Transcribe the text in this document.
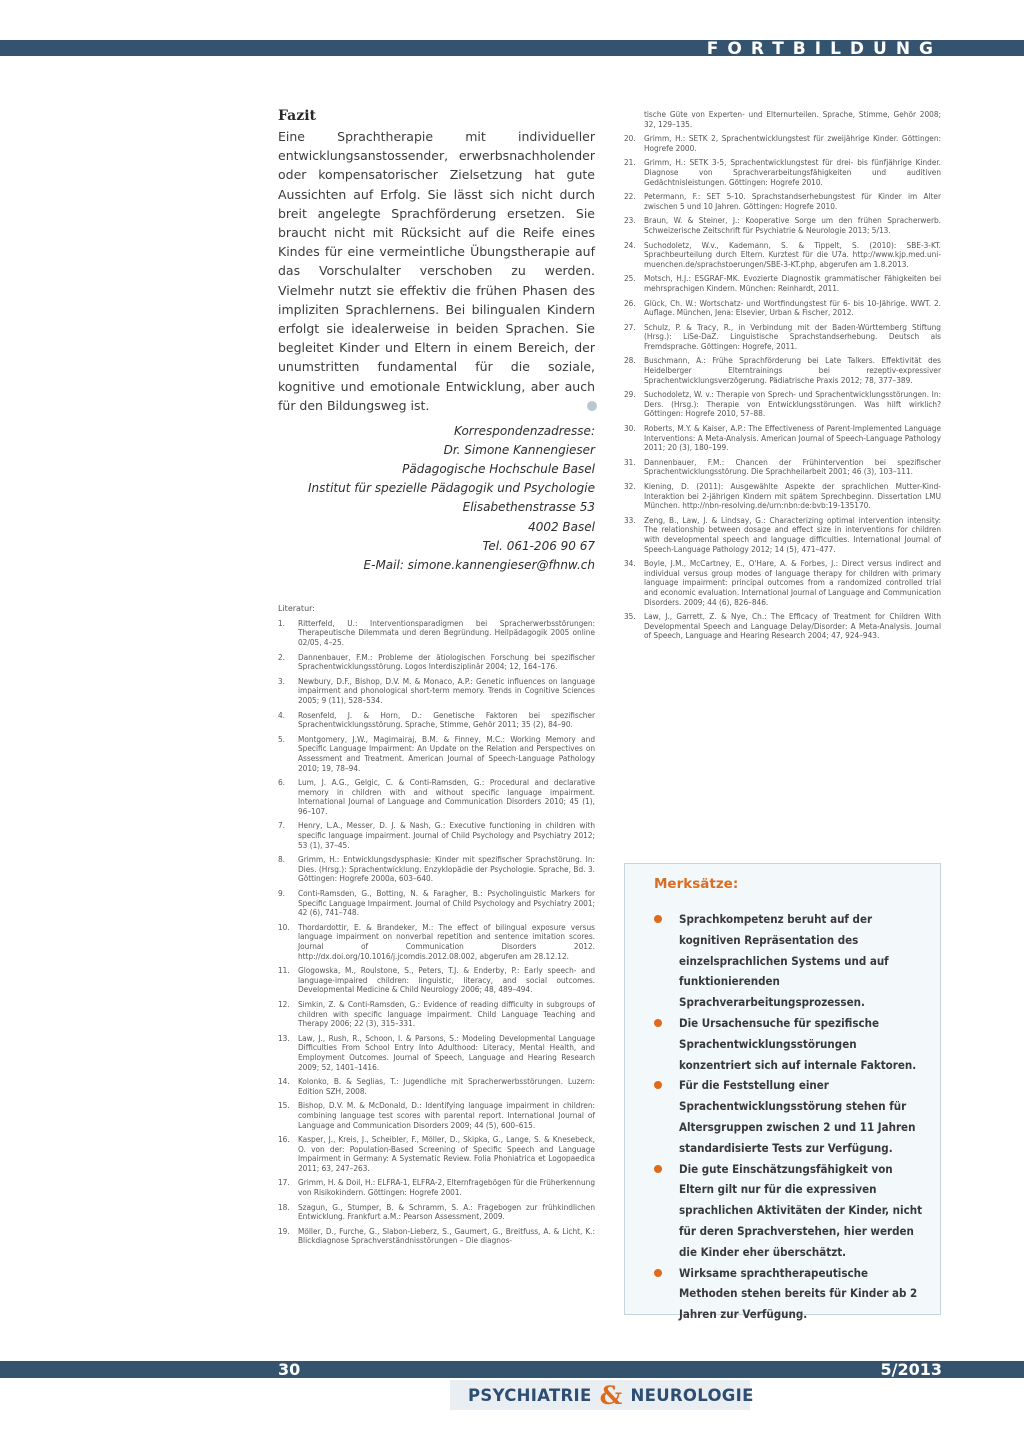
FORTBILDUNG
Fazit

Eine Sprachtherapie mit individueller entwicklungsanstossender, erwerbsnachholender oder kompensatorischer Zielsetzung hat gute Aussichten auf Erfolg. Sie lässt sich nicht durch breit angelegte Sprachförderung ersetzen. Sie braucht nicht mit Rücksicht auf die Reife eines Kindes für eine vermeintliche Übungstherapie auf das Vorschulalter verschoben zu werden. Vielmehr nutzt sie effektiv die frühen Phasen des impliziten Sprachlernens. Bei bilingualen Kindern erfolgt sie idealerweise in beiden Sprachen. Sie begleitet Kinder und Eltern in einem Bereich, der unumstritten fundamental für die soziale, kognitive und emotionale Entwicklung, aber auch für den Bildungsweg ist.

Korrespondenzadresse:
Dr. Simone Kannengieser
Pädagogische Hochschule Basel
Institut für spezielle Pädagogik und Psychologie
Elisabethenstrasse 53
4002 Basel
Tel. 061-206 90 67
E-Mail: simone.kannengieser@fhnw.ch
Literatur:
1.	Ritterfeld, U.: Interventionsparadigmen bei Spracherwerbsstörungen: Therapeutische Dilemmata und deren Begründung. Heilpädagogik 2005 online 02/05, 4–25.
2.	Dannenbauer, F.M.: Probleme der ätiologischen Forschung bei spezifischer Sprachentwicklungsstörung. Logos Interdisziplinär 2004; 12, 164–176.
3.	Newbury, D.F., Bishop, D.V. M. & Monaco, A.P.: Genetic influences on language impairment and phonological short-term memory. Trends in Cognitive Sciences 2005; 9 (11), 528–534.
4.	Rosenfeld, J. & Horn, D.: Genetische Faktoren bei spezifischer Sprachentwicklungsstörung. Sprache, Stimme, Gehör 2011; 35 (2), 84–90.
5.	Montgomery, J.W., Magimairaj, B.M. & Finney, M.C.: Working Memory and Specific Language Impairment: An Update on the Relation and Perspectives on Assessment and Treatment. American Journal of Speech-Language Pathology 2010; 19, 78–94.
6.	Lum, J. A.G., Gelgic, C. & Conti-Ramsden, G.: Procedural and declarative memory in children with and without specific language impairment. International Journal of Language and Communication Disorders 2010; 45 (1), 96–107.
7.	Henry, L.A., Messer, D. J. & Nash, G.: Executive functioning in children with specific language impairment. Journal of Child Psychology and Psychiatry 2012; 53 (1), 37–45.
8.	Grimm, H.: Entwicklungsdysphasie: Kinder mit spezifischer Sprachstörung. In: Dies. (Hrsg.): Sprachentwicklung. Enzyklopädie der Psychologie. Sprache, Bd. 3. Göttingen: Hogrefe 2000a, 603–640.
9.	Conti-Ramsden, G., Botting, N. & Faragher, B.: Psycholinguistic Markers for Specific Language Impairment. Journal of Child Psychology and Psychiatry 2001; 42 (6), 741–748.
10.	Thordardottir, E. & Brandeker, M.: The effect of bilingual exposure versus language impairment on nonverbal repetition and sentence imitation scores. Journal of Communication Disorders 2012. http://dx.doi.org/10.1016/j.jcomdis.2012.08.002, abgerufen am 28.12.12.
11.	Glogowska, M., Roulstone, S., Peters, T.J. & Enderby, P.: Early speech- and language-impaired children: linguistic, literacy, and social outcomes. Developmental Medicine & Child Neurology 2006; 48, 489–494.
12.	Simkin, Z. & Conti-Ramsden, G.: Evidence of reading difficulty in subgroups of children with specific language impairment. Child Language Teaching and Therapy 2006; 22 (3), 315–331.
13.	Law, J., Rush, R., Schoon, I. & Parsons, S.: Modeling Developmental Language Difficulties From School Entry Into Adulthood: Literacy, Mental Health, and Employment Outcomes. Journal of Speech, Language and Hearing Research 2009; 52, 1401–1416.
14.	Kolonko, B. & Seglias, T.: Jugendliche mit Spracherwerbsstörungen. Luzern: Edition SZH, 2008.
15.	Bishop, D.V. M. & McDonald, D.: Identifying language impairment in children: combining language test scores with parental report. International Journal of Language and Communication Disorders 2009; 44 (5), 600–615.
16.	Kasper, J., Kreis, J., Scheibler, F., Möller, D., Skipka, G., Lange, S. & Knesebeck, O. von der: Population-Based Screening of Specific Speech and Language Impairment in Germany: A Systematic Review. Folia Phoniatrica et Logopaedica 2011; 63, 247–263.
17.	Grimm, H. & Doil, H.: ELFRA-1, ELFRA-2, Elternfragebögen für die Früherkennung von Risikokindern. Göttingen: Hogrefe 2001.
18.	Szagun, G., Stumper, B. & Schramm, S. A.: Fragebogen zur frühkindlichen Entwicklung. Frankfurt a.M.: Pearson Assessment, 2009.
19.	Möller, D., Furche, G., Slabon-Lieberz, S., Gaumert, G., Breitfuss, A. & Licht, K.: Blickdiagnose Sprachverständnisstörungen – Die diagnos-
tische Güte von Experten- und Elternurteilen. Sprache, Stimme, Gehör 2008; 32, 129–135.
20.	Grimm, H.: SETK 2, Sprachentwicklungstest für zweijährige Kinder. Göttingen: Hogrefe 2000.
21.	Grimm, H.: SETK 3-5, Sprachentwicklungstest für drei- bis fünfjährige Kinder. Diagnose von Sprachverarbeitungsfähigkeiten und auditiven Gedächtnisleistungen. Göttingen: Hogrefe 2010.
22.	Petermann, F.: SET 5-10. Sprachstandserhebungstest für Kinder im Alter zwischen 5 und 10 Jahren. Göttingen: Hogrefe 2010.
23.	Braun, W. & Steiner, J.: Kooperative Sorge um den frühen Spracherwerb. Schweizerische Zeitschrift für Psychiatrie & Neurologie 2013; 5/13.
24.	Suchodoletz, W.v., Kademann, S. & Tippelt, S. (2010): SBE-3-KT. Sprachbeurteilung durch Eltern. Kurztest für die U7a. http://www.kjp.med.uni-muenchen.de/sprachstoerungen/SBE-3-KT.php, abgerufen am 1.8.2013.
25.	Motsch, H.J.: ESGRAF-MK. Evozierte Diagnostik grammatischer Fähigkeiten bei mehrsprachigen Kindern. München: Reinhardt, 2011.
26.	Glück, Ch. W.: Wortschatz- und Wortfindungstest für 6- bis 10-Jährige. WWT. 2. Auflage. München, Jena: Elsevier, Urban & Fischer, 2012.
27.	Schulz, P. & Tracy, R., in Verbindung mit der Baden-Württemberg Stiftung (Hrsg.): LiSe-DaZ. Linguistische Sprachstandserhebung. Deutsch als Fremdsprache. Göttingen: Hogrefe, 2011.
28.	Buschmann, A.: Frühe Sprachförderung bei Late Talkers. Effektivität des Heidelberger Elterntrainings bei rezeptiv-expressiver Sprachentwicklungsverzögerung. Pädiatrische Praxis 2012; 78, 377–389.
29.	Suchodoletz, W. v.: Therapie von Sprech- und Sprachentwicklungsstörungen. In: Ders. (Hrsg.): Therapie von Entwicklungsstörungen. Was hilft wirklich? Göttingen: Hogrefe 2010, 57–88.
30.	Roberts, M.Y. & Kaiser, A.P.: The Effectiveness of Parent-Implemented Language Interventions: A Meta-Analysis. American Journal of Speech-Language Pathology 2011; 20 (3), 180–199.
31.	Dannenbauer, F.M.: Chancen der Frühintervention bei spezifischer Sprachentwicklungsstörung. Die Sprachheilarbeit 2001; 46 (3), 103–111.
32.	Kiening, D. (2011): Ausgewählte Aspekte der sprachlichen Mutter-Kind-Interaktion bei 2-jährigen Kindern mit spätem Sprechbeginn. Dissertation LMU München. http://nbn-resolving.de/urn:nbn:de:bvb:19-135170.
33.	Zeng, B., Law, J. & Lindsay, G.: Characterizing optimal intervention intensity: The relationship between dosage and effect size in interventions for children with developmental speech and language difficulties. International Journal of Speech-Language Pathology 2012; 14 (5), 471–477.
34.	Boyle, J.M., McCartney, E., O'Hare, A. & Forbes, J.: Direct versus indirect and individual versus group modes of language therapy for children with primary language impairment: principal outcomes from a randomized controlled trial and economic evaluation. International Journal of Language and Communication Disorders. 2009; 44 (6), 826–846.
35.	Law, J., Garrett, Z. & Nye, Ch.: The Efficacy of Treatment for Children With Developmental Speech and Language Delay/Disorder: A Meta-Analysis. Journal of Speech, Language and Hearing Research 2004; 47, 924–943.
Merksätze:
Sprachkompetenz beruht auf der kognitiven Repräsentation des einzelsprachlichen Systems und auf funktionierenden Sprachverarbeitungsprozessen.
Die Ursachensuche für spezifische Sprachentwicklungsstörungen konzentriert sich auf internale Faktoren.
Für die Feststellung einer Sprachentwicklungsstörung stehen für Altersgruppen zwischen 2 und 11 Jahren standardisierte Tests zur Verfügung.
Die gute Einschätzungsfähigkeit von Eltern gilt nur für die expressiven sprachlichen Aktivitäten der Kinder, nicht für deren Sprachverstehen, hier werden die Kinder eher überschätzt.
Wirksame sprachtherapeutische Methoden stehen bereits für Kinder ab 2 Jahren zur Verfügung.
30	5/2013
PSYCHIATRIE & NEUROLOGIE
